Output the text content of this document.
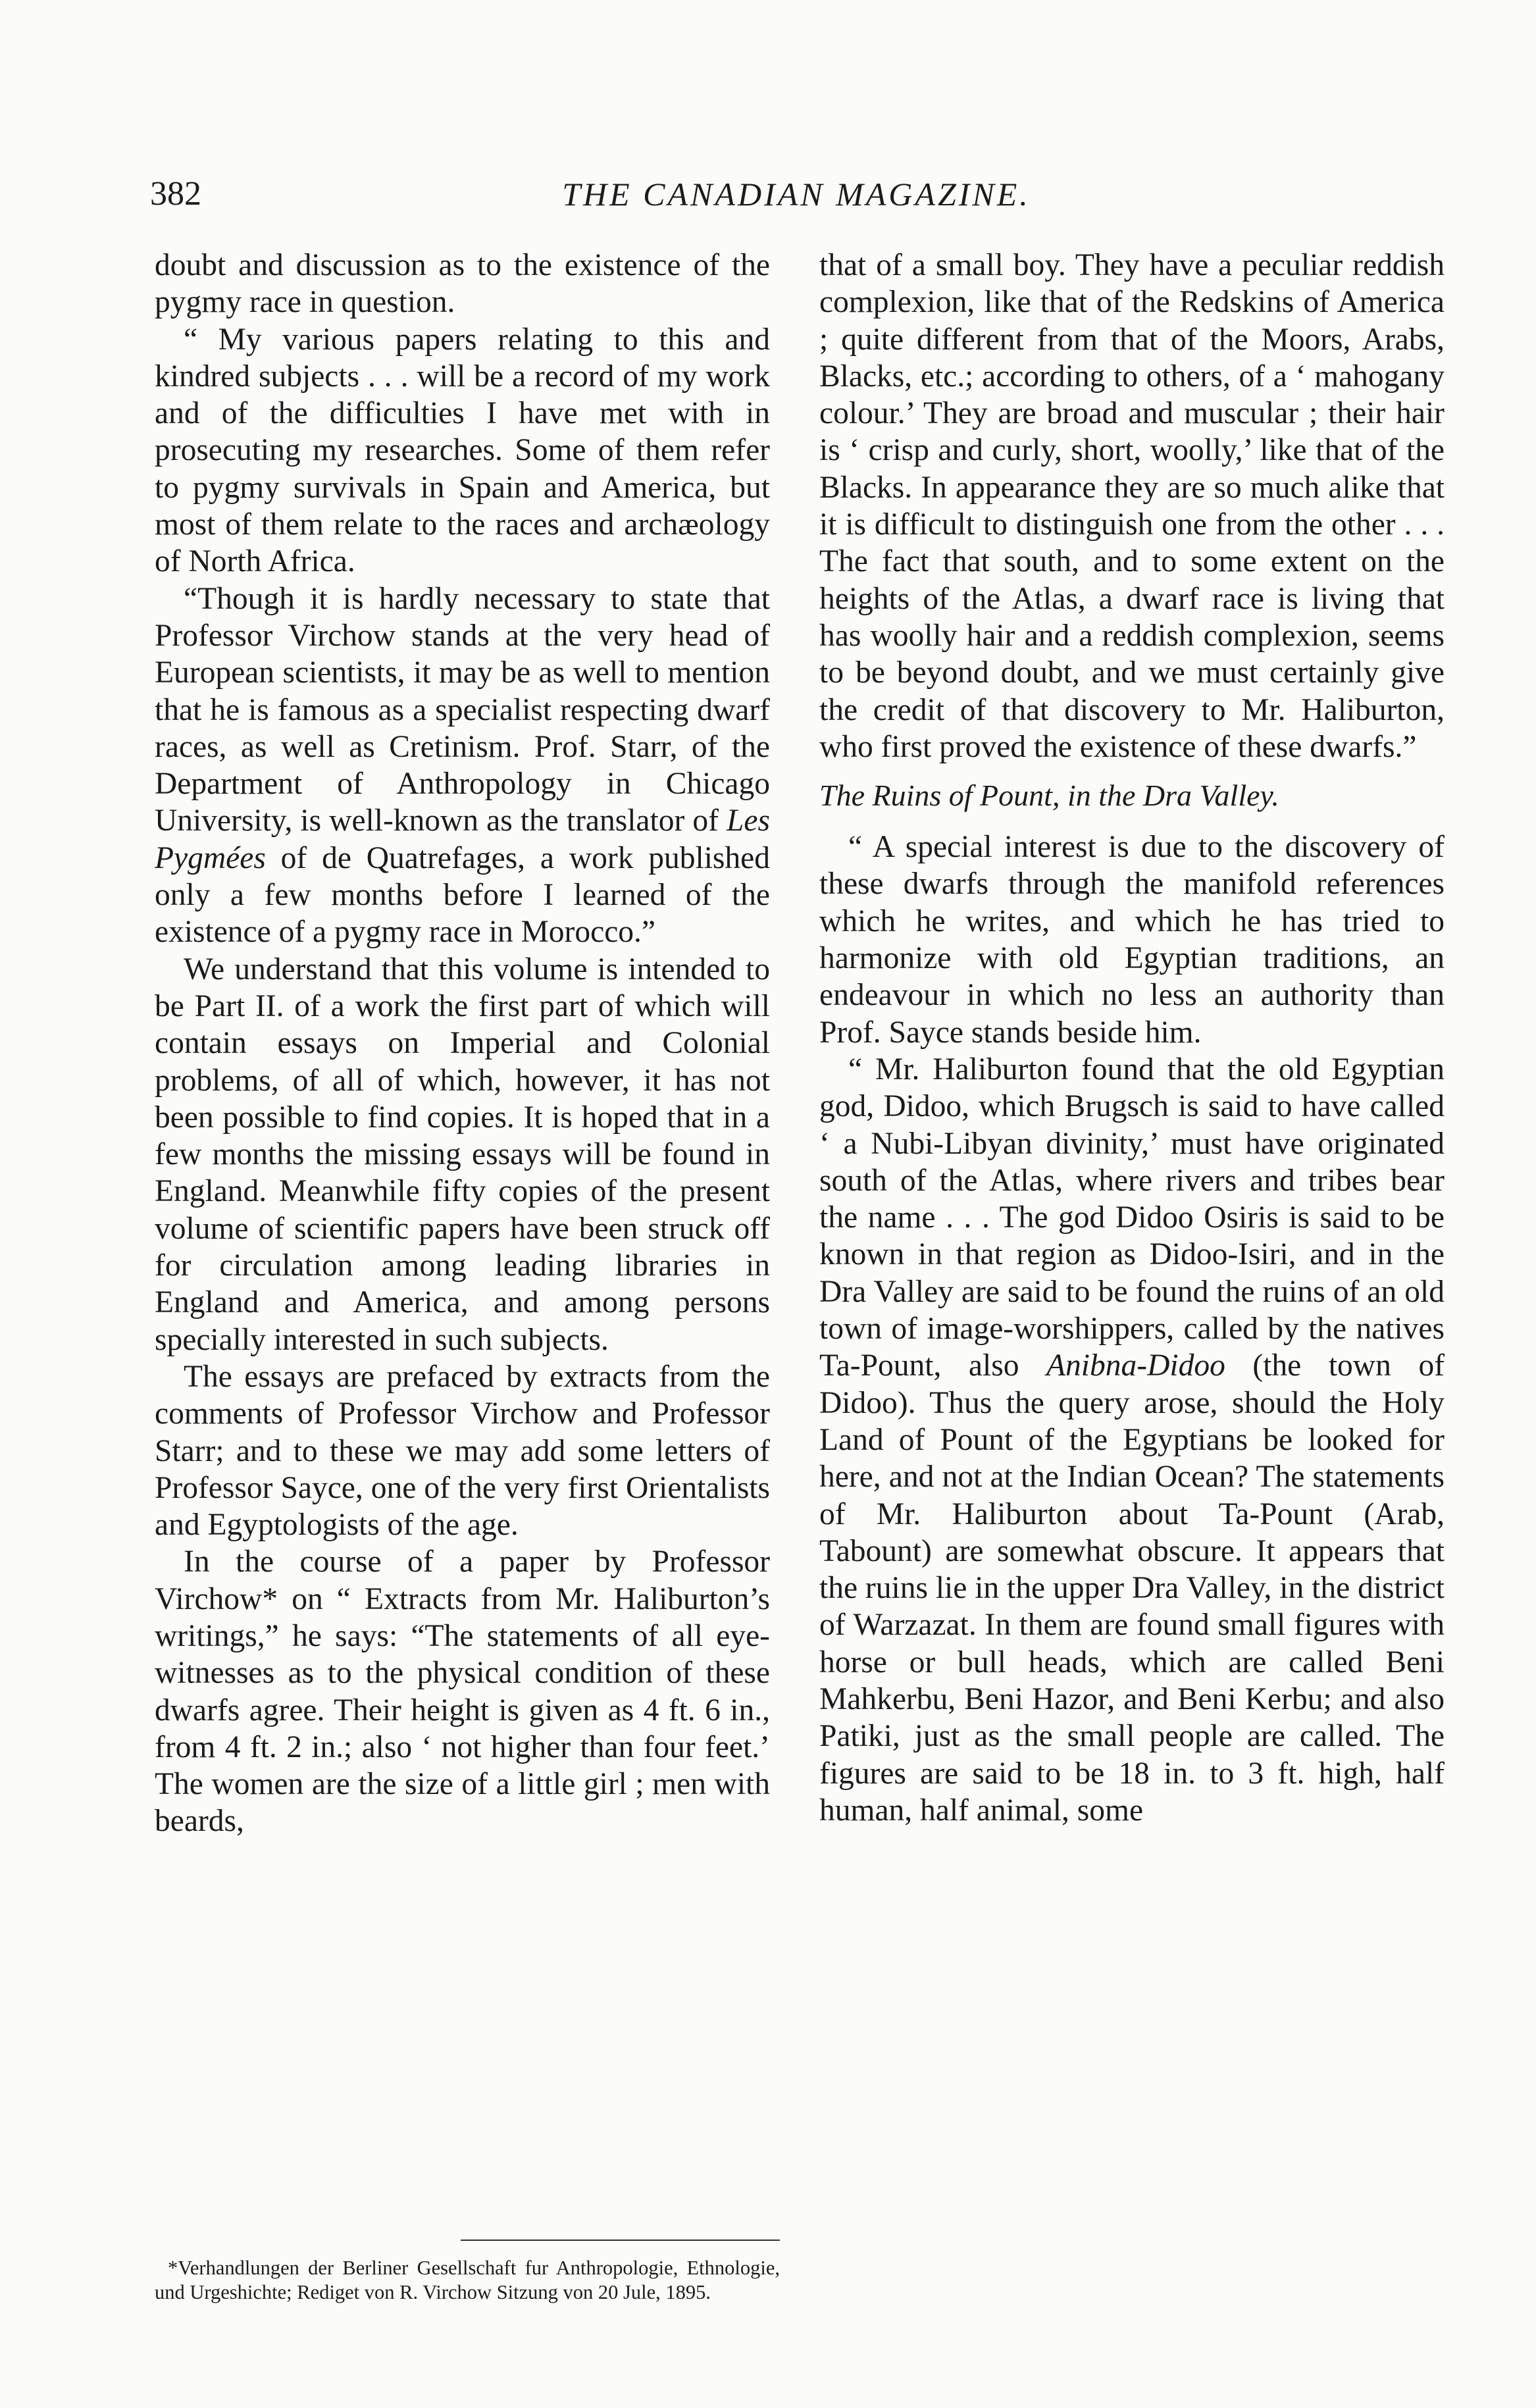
382	THE CANADIAN MAGAZINE.

doubt and discussion as to the existence of the pygmy race in question.

“ My various papers relating to this and kindred subjects . . . will be a record of my work and of the difficulties I have met with in prosecuting my researches. Some of them refer to pygmy survivals in Spain and America, but most of them relate to the races and archæology of North Africa.

“Though it is hardly necessary to state that Professor Virchow stands at the very head of European scientists, it may be as well to mention that he is famous as a specialist respecting dwarf races, as well as Cretinism. Prof. Starr, of the Department of Anthropology in Chicago University, is well-known as the translator of Les Pygmées of de Quatrefages, a work published only a few months before I learned of the existence of a pygmy race in Morocco.”

We understand that this volume is intended to be Part II. of a work the first part of which will contain essays on Imperial and Colonial problems, of all of which, however, it has not been possible to find copies. It is hoped that in a few months the missing essays will be found in England. Meanwhile fifty copies of the present volume of scientific papers have been struck off for circulation among leading libraries in England and America, and among persons specially interested in such subjects.

The essays are prefaced by extracts from the comments of Professor Virchow and Professor Starr; and to these we may add some letters of Professor Sayce, one of the very first Orientalists and Egyptologists of the age.

In the course of a paper by Professor Virchow* on “ Extracts from Mr. Haliburton’s writings,” he says: “The statements of all eye-witnesses as to the physical condition of these dwarfs agree. Their height is given as 4 ft. 6 in., from 4 ft. 2 in.; also ‘ not higher than four feet.’ The women are the size of a little girl ; men with beards,

that of a small boy. They have a peculiar reddish complexion, like that of the Redskins of America ; quite different from that of the Moors, Arabs, Blacks, etc.; according to others, of a ‘ mahogany colour.’ They are broad and muscular ; their hair is ‘ crisp and curly, short, woolly,’ like that of the Blacks. In appearance they are so much alike that it is difficult to distinguish one from the other . . . The fact that south, and to some extent on the heights of the Atlas, a dwarf race is living that has woolly hair and a reddish complexion, seems to be beyond doubt, and we must certainly give the credit of that discovery to Mr. Haliburton, who first proved the existence of these dwarfs.”

The Ruins of Pount, in the Dra Valley.

“ A special interest is due to the discovery of these dwarfs through the manifold references which he writes, and which he has tried to harmonize with old Egyptian traditions, an endeavour in which no less an authority than Prof. Sayce stands beside him.

“ Mr. Haliburton found that the old Egyptian god, Didoo, which Brugsch is said to have called ‘ a Nubi-Libyan divinity,’ must have originated south of the Atlas, where rivers and tribes bear the name . . . The god Didoo Osiris is said to be known in that region as Didoo-Isiri, and in the Dra Valley are said to be found the ruins of an old town of image-worshippers, called by the natives Ta-Pount, also Anibna-Didoo (the town of Didoo). Thus the query arose, should the Holy Land of Pount of the Egyptians be looked for here, and not at the Indian Ocean? The statements of Mr. Haliburton about Ta-Pount (Arab, Tabount) are somewhat obscure. It appears that the ruins lie in the upper Dra Valley, in the district of Warzazat. In them are found small figures with horse or bull heads, which are called Beni Mahkerbu, Beni Hazor, and Beni Kerbu; and also Patiki, just as the small people are called. The figures are said to be 18 in. to 3 ft. high, half human, half animal, some

*Verhandlungen der Berliner Gesellschaft fur Anthropologie, Ethnologie, und Urgeshichte; Rediget von R. Virchow Sitzung von 20 Jule, 1895.
